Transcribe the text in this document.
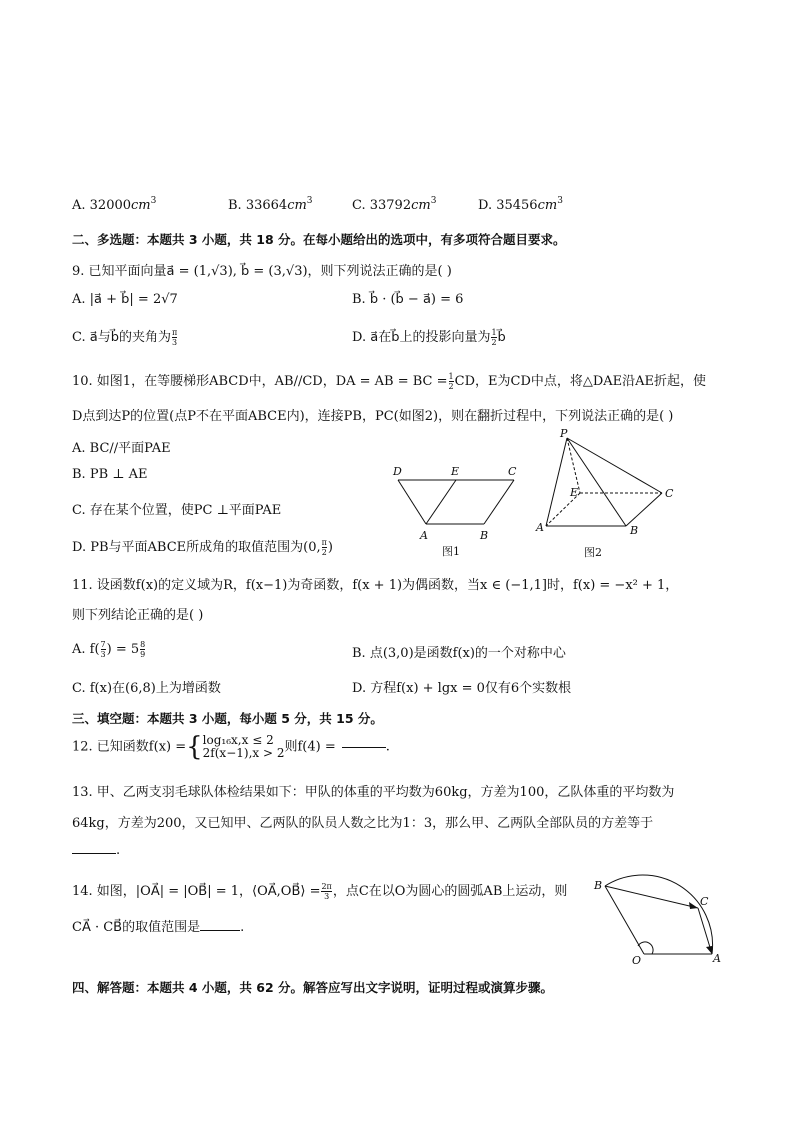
A. $32000cm^3$	B. $33664cm^3$	C. $33792cm^3$	D. $35456cm^3$
二、多选题：本题共 3 小题，共 18 分。在每小题给出的选项中，有多项符合题目要求。
9. 已知平面向量a⃗ = (1,√3), b⃗ = (3,√3)，则下列说法正确的是( )
A. |a⃗ + b⃗| = 2√7	B. b⃗ · (b⃗ − a⃗) = 6
C. a⃗与b⃗的夹角为 $\frac{\pi}{3}$	D. a⃗在b⃗上的投影向量为 $\frac{1}{2}$ b⃗
10. 如图1，在等腰梯形ABCD中，AB//CD，DA = AB = BC = $\frac{1}{2}$ CD，E为CD中点，将△DAE沿AE折起，使
D点到达P的位置(点P不在平面ABCE内)，连接PB，PC(如图2)，则在翻折过程中，下列说法正确的是( )
A. BC//平面PAE
B. PB ⊥ AE
C. 存在某个位置，使PC ⊥平面PAE
D. PB与平面ABCE所成角的取值范围为(0, $\frac{\pi}{2}$ )
D	E	C
A	B
图1
P
E	C
A	B
图2
11. 设函数f(x)的定义域为R，f(x−1)为奇函数，f(x + 1)为偶函数，当x ∈ (−1,1]时，f(x) = −x² + 1，
则下列结论正确的是( )
A. $f( \frac{7}{3}$ ) = $5 \frac{8}{9}$	B. 点(3,0)是函数f(x)的一个对称中心
C. f(x)在(6,8)上为增函数	D. 方程f(x) + lgx = 0仅有6个实数根
三、填空题：本题共 3 小题，每小题 5 分，共 15 分。
12. 已知函数f(x) ={ log₁₆x,x ≤ 2
2f(x−1),x > 2 则f(4) =	.
13. 甲、乙两支羽毛球队体检结果如下：甲队的体重的平均数为60kg，方差为100，乙队体重的平均数为
64kg，方差为200，又已知甲、乙两队的队员人数之比为1：3，那么甲、乙两队全部队员的方差等于
.
14. 如图，|OA⃗| = |OB⃗| = 1，⟨OA⃗,OB⃗⟩ = $\frac{2\pi}{3}$ ，点C在以O为圆心的圆弧AB上运动，则
CA⃗ · CB⃗的取值范围是	.
B
C
O	A
四、解答题：本题共 4 小题，共 62 分。解答应写出文字说明，证明过程或演算步骤。
